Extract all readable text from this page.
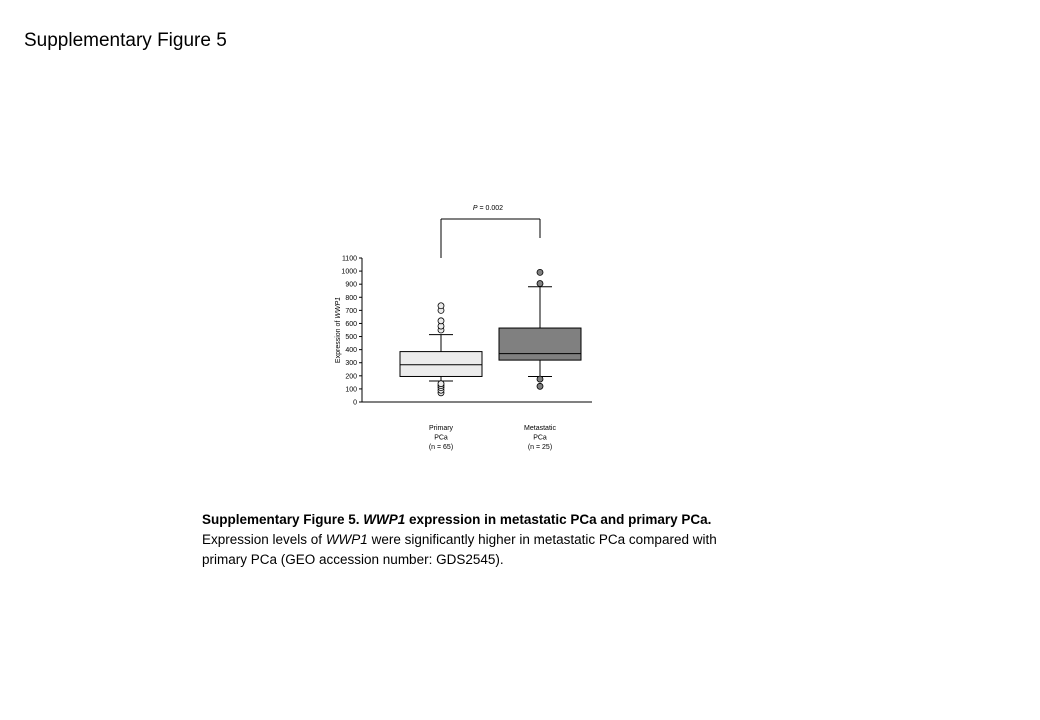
Supplementary Figure 5
0
100
200
300
400
500
600
700
800
900
1000
1100
Primary
PCa
(n = 65)
Metastatic
PCa
(n = 25)
Expression of WWP1
P = 0.002
Supplementary Figure 5. WWP1 expression in metastatic PCa and primary PCa.
Expression levels of WWP1 were significantly higher in metastatic PCa compared with
primary PCa (GEO accession number: GDS2545).
